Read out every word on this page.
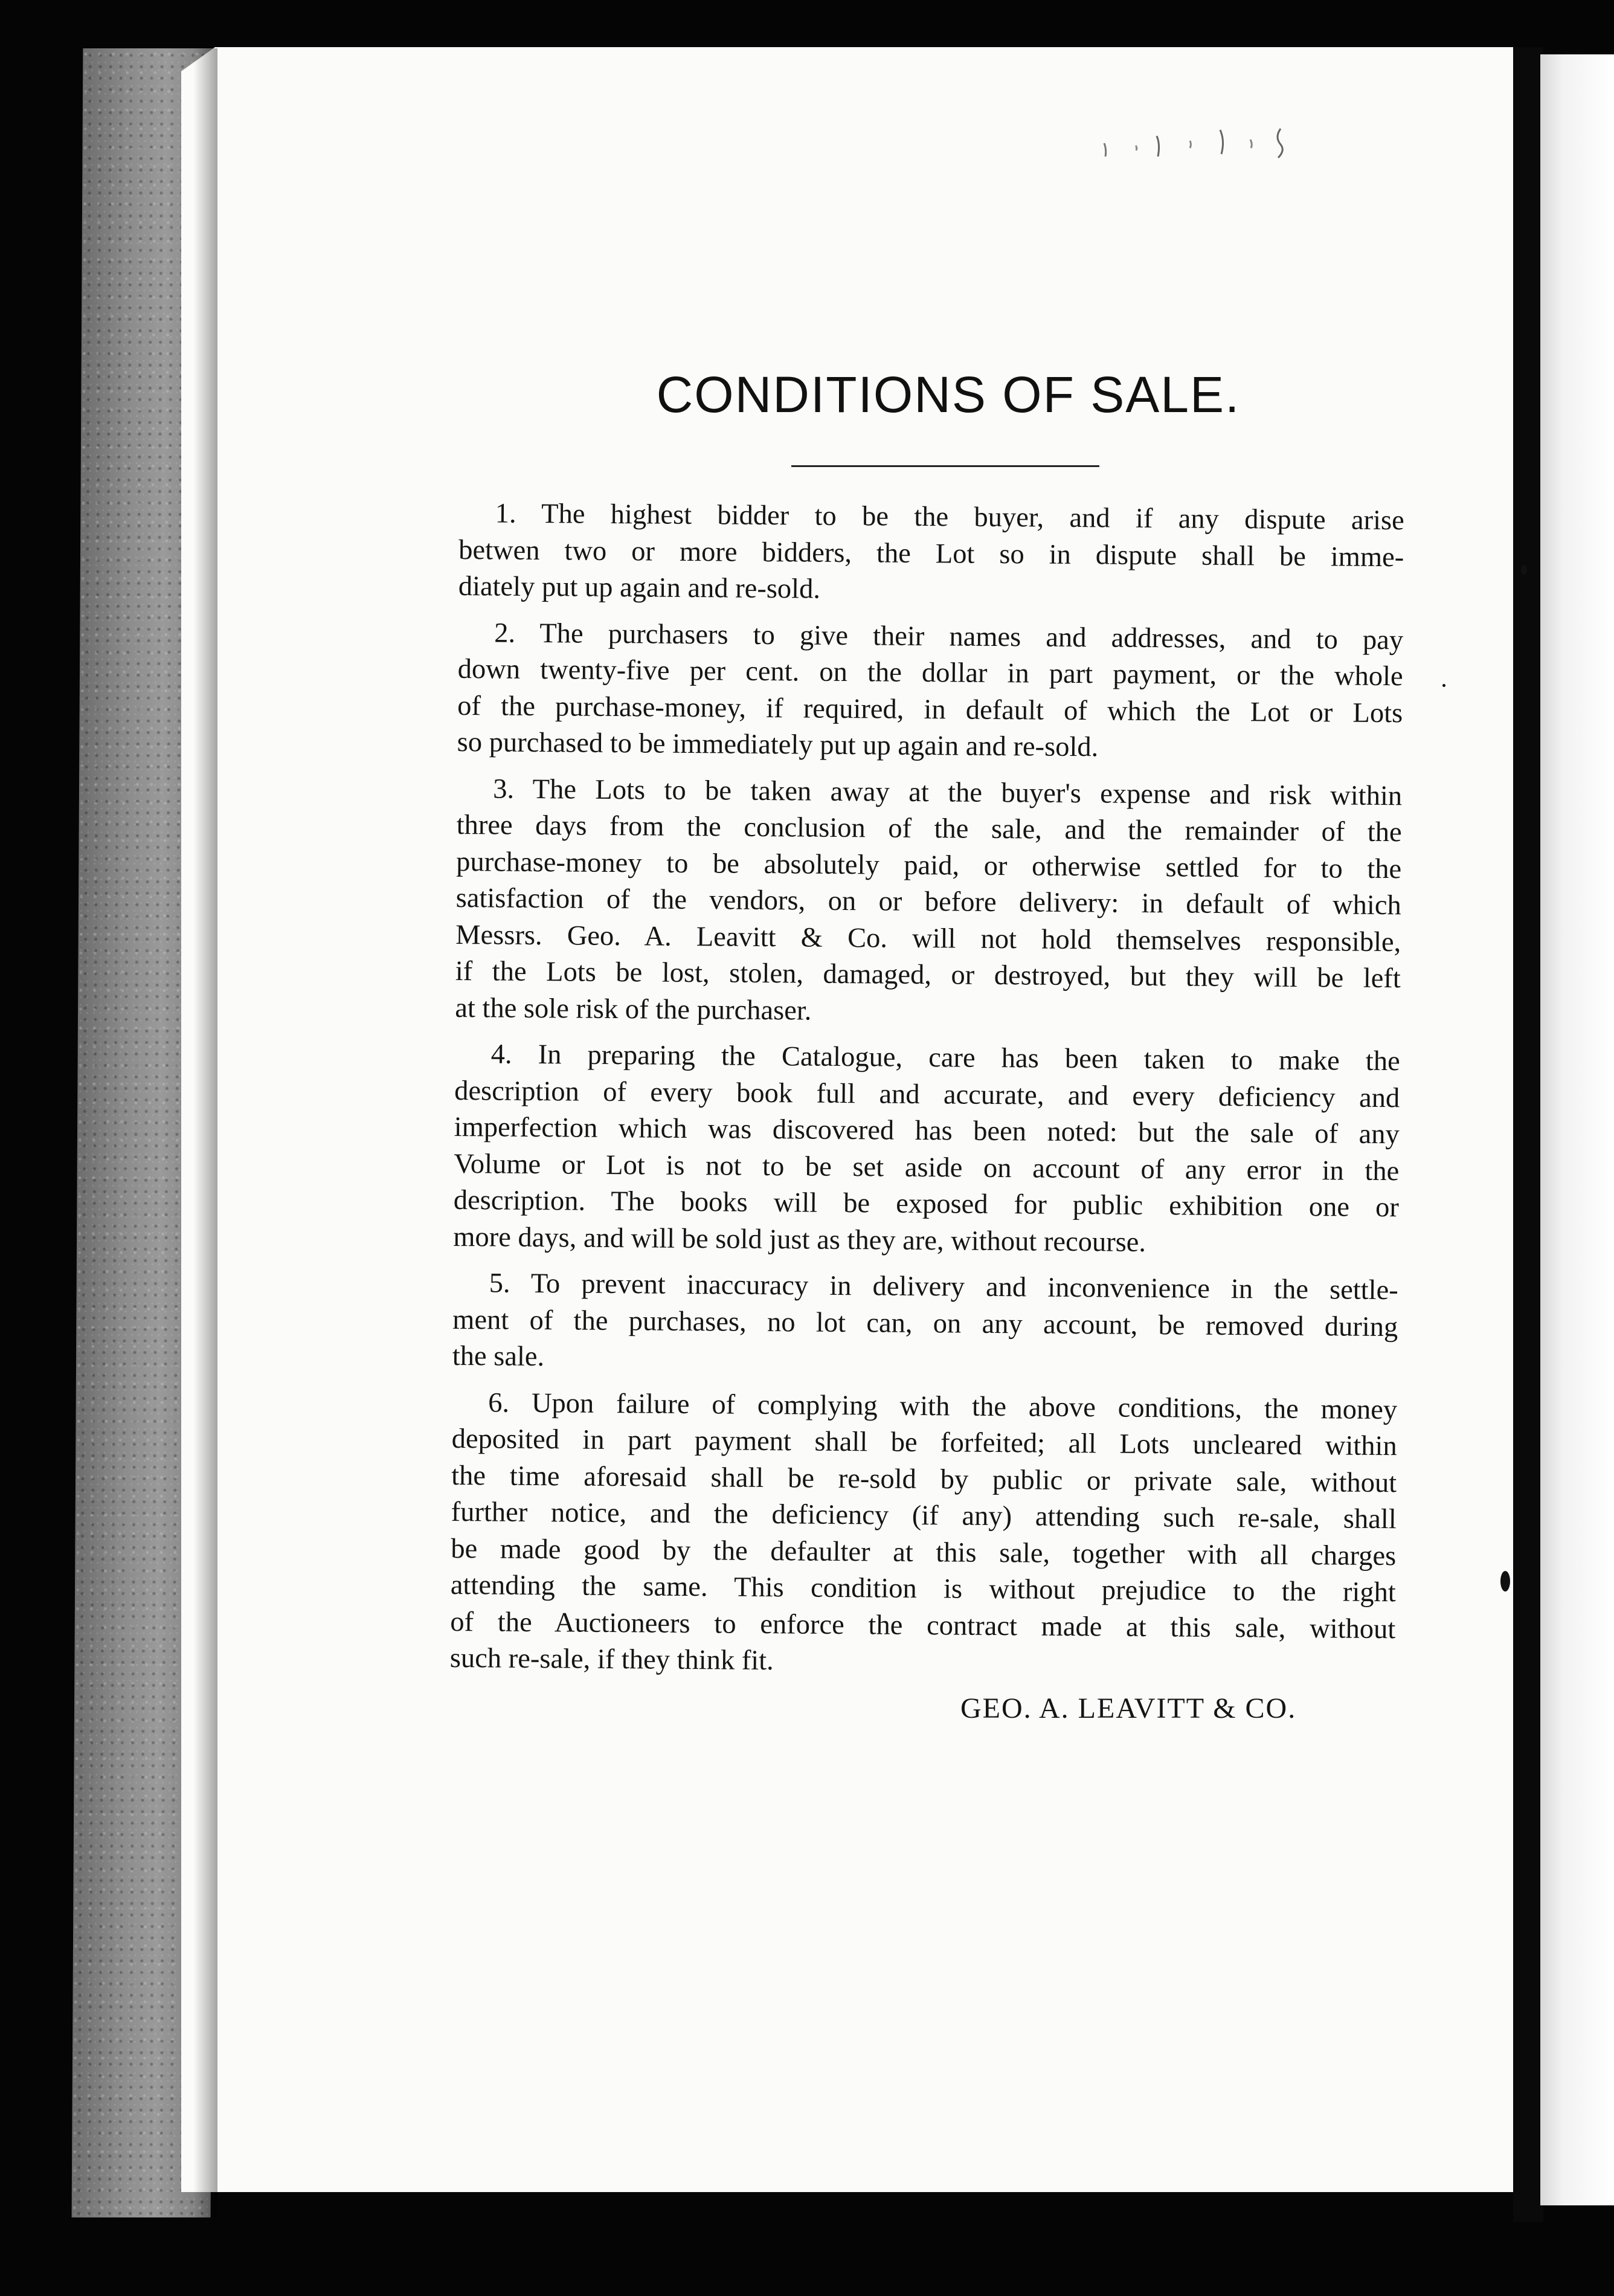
CONDITIONS OF SALE.
1. The highest bidder to be the buyer, and if any dispute arise
betwen two or more bidders, the Lot so in dispute shall be imme-
diately put up again and re-sold.
2. The purchasers to give their names and addresses, and to pay
down twenty-five per cent. on the dollar in part payment, or the whole
of the purchase-money, if required, in default of which the Lot or Lots
so purchased to be immediately put up again and re-sold.
3. The Lots to be taken away at the buyer's expense and risk within
three days from the conclusion of the sale, and the remainder of the
purchase-money to be absolutely paid, or otherwise settled for to the
satisfaction of the vendors, on or before delivery: in default of which
Messrs. Geo. A. Leavitt & Co. will not hold themselves responsible,
if the Lots be lost, stolen, damaged, or destroyed, but they will be left
at the sole risk of the purchaser.
4. In preparing the Catalogue, care has been taken to make the
description of every book full and accurate, and every deficiency and
imperfection which was discovered has been noted: but the sale of any
Volume or Lot is not to be set aside on account of any error in the
description. The books will be exposed for public exhibition one or
more days, and will be sold just as they are, without recourse.
5. To prevent inaccuracy in delivery and inconvenience in the settle-
ment of the purchases, no lot can, on any account, be removed during
the sale.
6. Upon failure of complying with the above conditions, the money
deposited in part payment shall be forfeited; all Lots uncleared within
the time aforesaid shall be re-sold by public or private sale, without
further notice, and the deficiency (if any) attending such re-sale, shall
be made good by the defaulter at this sale, together with all charges
attending the same. This condition is without prejudice to the right
of the Auctioneers to enforce the contract made at this sale, without
such re-sale, if they think fit.
GEO. A. LEAVITT & CO.
